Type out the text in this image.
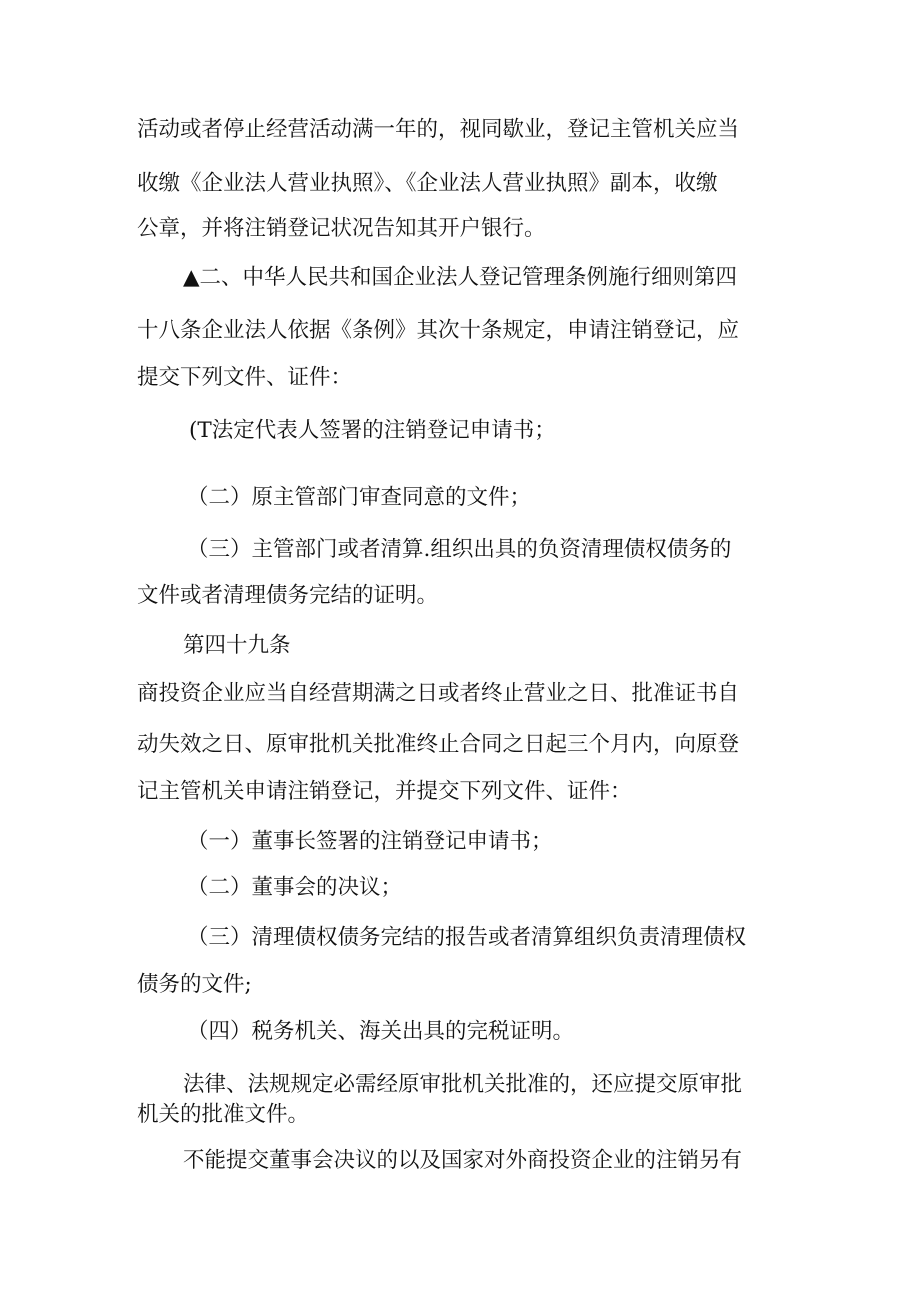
活动或者停止经营活动满一年的，视同歇业，登记主管机关应当
收缴《企业法人营业执照》、《企业法人营业执照》副本，收缴
公章，并将注销登记状况告知其开户银行。
▲二、中华人民共和国企业法人登记管理条例施行细则第四
十八条企业法人依据《条例》其次十条规定，申请注销登记，应
提交下列文件、证件：
(T法定代表人签署的注销登记申请书；
（二）原主管部门审查同意的文件；
（三）主管部门或者清算.组织出具的负资清理债权债务的
文件或者清理债务完结的证明。
第四十九条
商投资企业应当自经营期满之日或者终止营业之日、批准证书自
动失效之日、原审批机关批准终止合同之日起三个月内，向原登
记主管机关申请注销登记，并提交下列文件、证件：
（一）董事长签署的注销登记申请书；
（二）董事会的决议；
（三）清理债权债务完结的报告或者清算组织负责清理债权
债务的文件;
（四）税务机关、海关出具的完税证明。
法律、法规规定必需经原审批机关批准的，还应提交原审批
机关的批准文件。
不能提交董事会决议的以及国家对外商投资企业的注销另有
